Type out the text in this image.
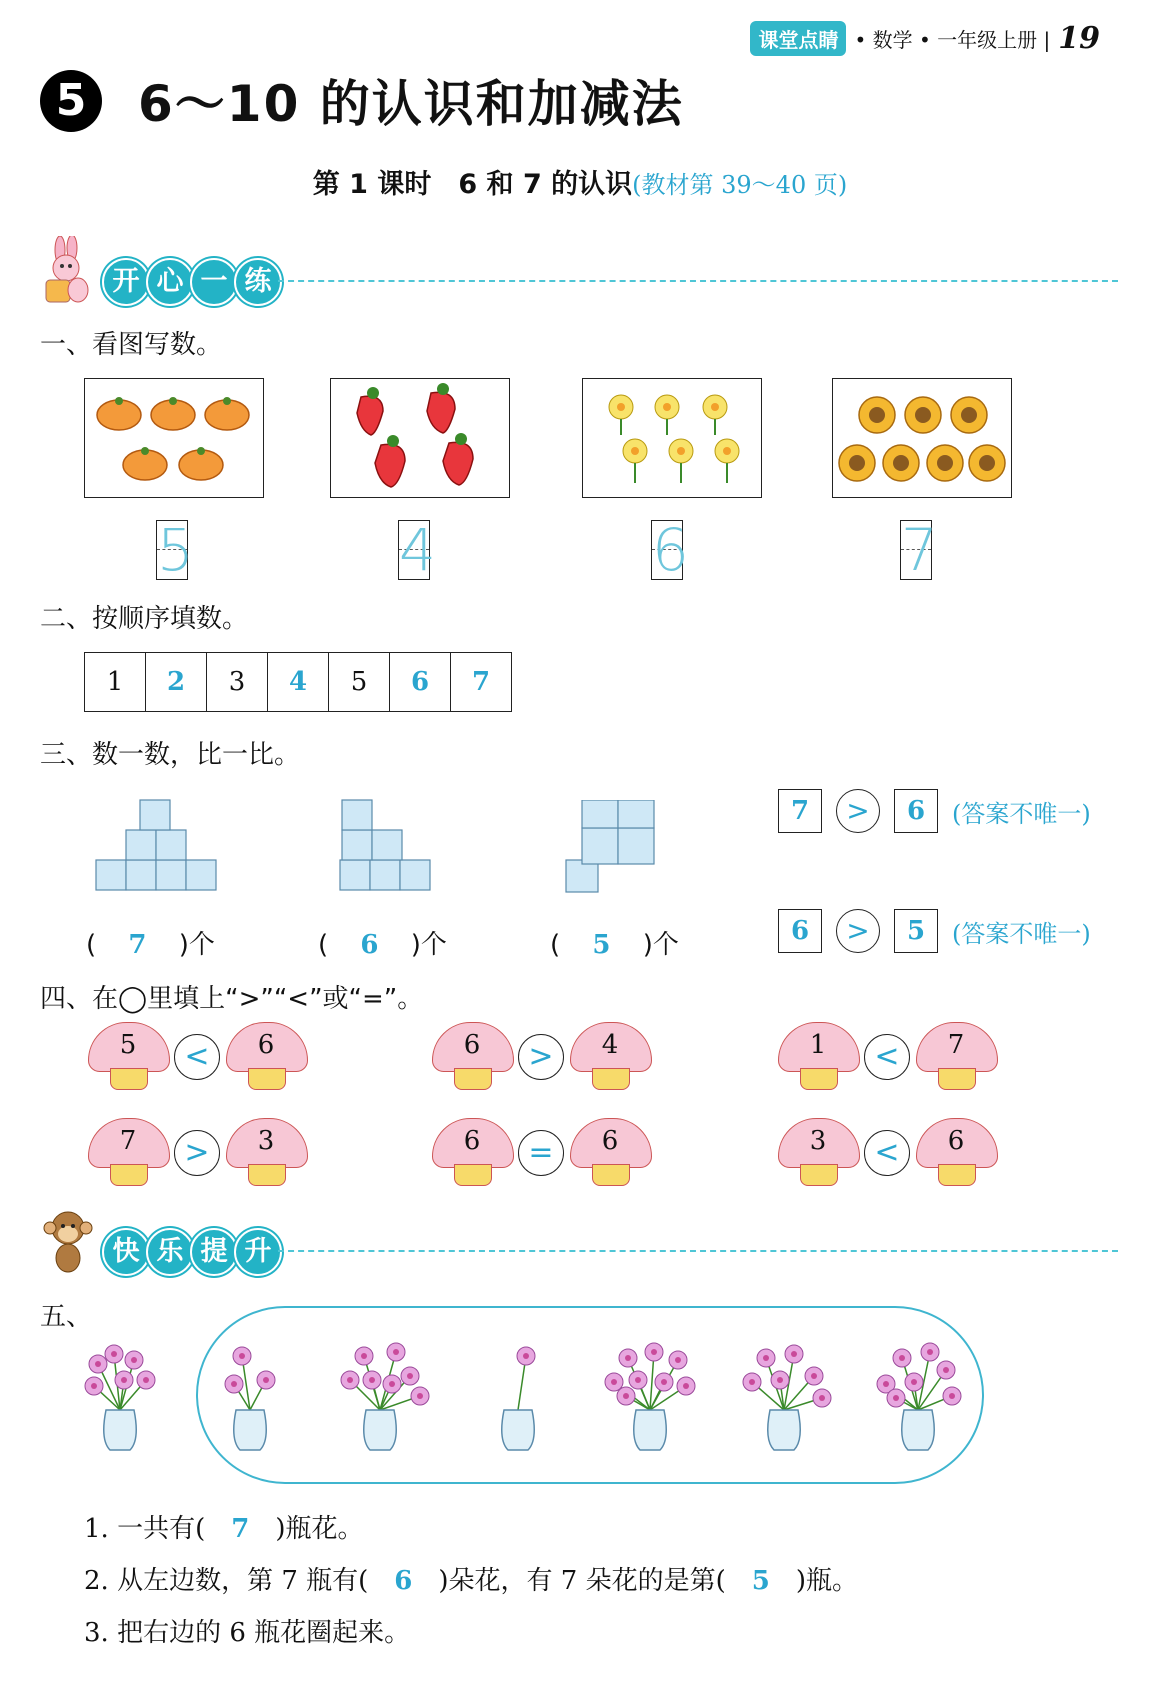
课堂点睛 • 数学 • 一年级上册 | 19
5	6～10 的认识和加减法
第 1 课时　6 和 7 的认识(教材第 39～40 页)
开 心 一 练
一、看图写数。
5	4	6	7
二、按顺序填数。
1	2	3	4	5	6	7
三、数一数，比一比。
( 7 )个	( 6 )个	( 5 )个
7	>	6	(答案不唯一)
6	>	5	(答案不唯一)
四、在◯里填上“>”“<”或“=”。
5	<	6	6	>	4	1	<	7
7	>	3	6	=	6	3	<	6
快 乐 提 升
五、
1. 一共有( 7 )瓶花。
2. 从左边数，第 7 瓶有( 6 )朵花，有 7 朵花的是第( 5 )瓶。
3. 把右边的 6 瓶花圈起来。
